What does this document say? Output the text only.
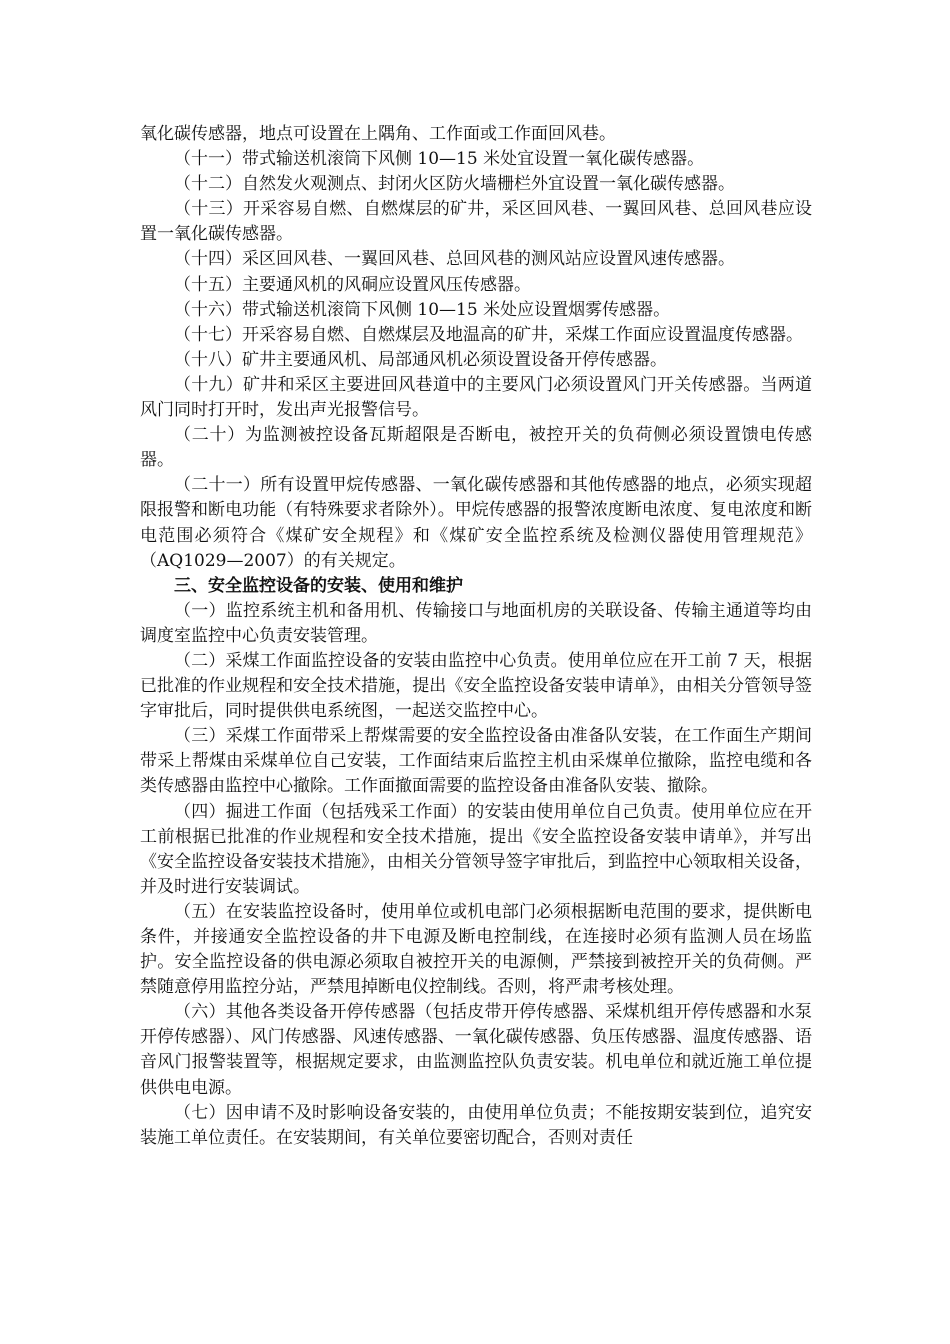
氧化碳传感器，地点可设置在上隅角、工作面或工作面回风巷。

（十一）带式输送机滚筒下风侧 10—15 米处宜设置一氧化碳传感器。

（十二）自然发火观测点、封闭火区防火墙栅栏外宜设置一氧化碳传感器。

（十三）开采容易自燃、自燃煤层的矿井，采区回风巷、一翼回风巷、总回风巷应设置一氧化碳传感器。

（十四）采区回风巷、一翼回风巷、总回风巷的测风站应设置风速传感器。

（十五）主要通风机的风硐应设置风压传感器。

（十六）带式输送机滚筒下风侧 10—15 米处应设置烟雾传感器。

（十七）开采容易自燃、自燃煤层及地温高的矿井，采煤工作面应设置温度传感器。

（十八）矿井主要通风机、局部通风机必须设置设备开停传感器。

（十九）矿井和采区主要进回风巷道中的主要风门必须设置风门开关传感器。当两道风门同时打开时，发出声光报警信号。

（二十）为监测被控设备瓦斯超限是否断电，被控开关的负荷侧必须设置馈电传感器。

（二十一）所有设置甲烷传感器、一氧化碳传感器和其他传感器的地点，必须实现超限报警和断电功能（有特殊要求者除外）。甲烷传感器的报警浓度断电浓度、复电浓度和断电范围必须符合《煤矿安全规程》和《煤矿安全监控系统及检测仪器使用管理规范》（AQ1029—2007）的有关规定。

三、安全监控设备的安装、使用和维护

（一）监控系统主机和备用机、传输接口与地面机房的关联设备、传输主通道等均由调度室监控中心负责安装管理。

（二）采煤工作面监控设备的安装由监控中心负责。使用单位应在开工前 7 天，根据已批准的作业规程和安全技术措施，提出《安全监控设备安装申请单》，由相关分管领导签字审批后，同时提供供电系统图，一起送交监控中心。

（三）采煤工作面带采上帮煤需要的安全监控设备由准备队安装，在工作面生产期间带采上帮煤由采煤单位自己安装，工作面结束后监控主机由采煤单位撤除，监控电缆和各类传感器由监控中心撤除。工作面撤面需要的监控设备由准备队安装、撤除。

（四）掘进工作面（包括残采工作面）的安装由使用单位自己负责。使用单位应在开工前根据已批准的作业规程和安全技术措施，提出《安全监控设备安装申请单》，并写出《安全监控设备安装技术措施》，由相关分管领导签字审批后，到监控中心领取相关设备，并及时进行安装调试。

（五）在安装监控设备时，使用单位或机电部门必须根据断电范围的要求，提供断电条件，并接通安全监控设备的井下电源及断电控制线，在连接时必须有监测人员在场监护。安全监控设备的供电源必须取自被控开关的电源侧，严禁接到被控开关的负荷侧。严禁随意停用监控分站，严禁甩掉断电仪控制线。否则，将严肃考核处理。

（六）其他各类设备开停传感器（包括皮带开停传感器、采煤机组开停传感器和水泵开停传感器）、风门传感器、风速传感器、一氧化碳传感器、负压传感器、温度传感器、语音风门报警装置等，根据规定要求，由监测监控队负责安装。机电单位和就近施工单位提供供电电源。

（七）因申请不及时影响设备安装的，由使用单位负责；不能按期安装到位，追究安装施工单位责任。在安装期间，有关单位要密切配合，否则对责任
